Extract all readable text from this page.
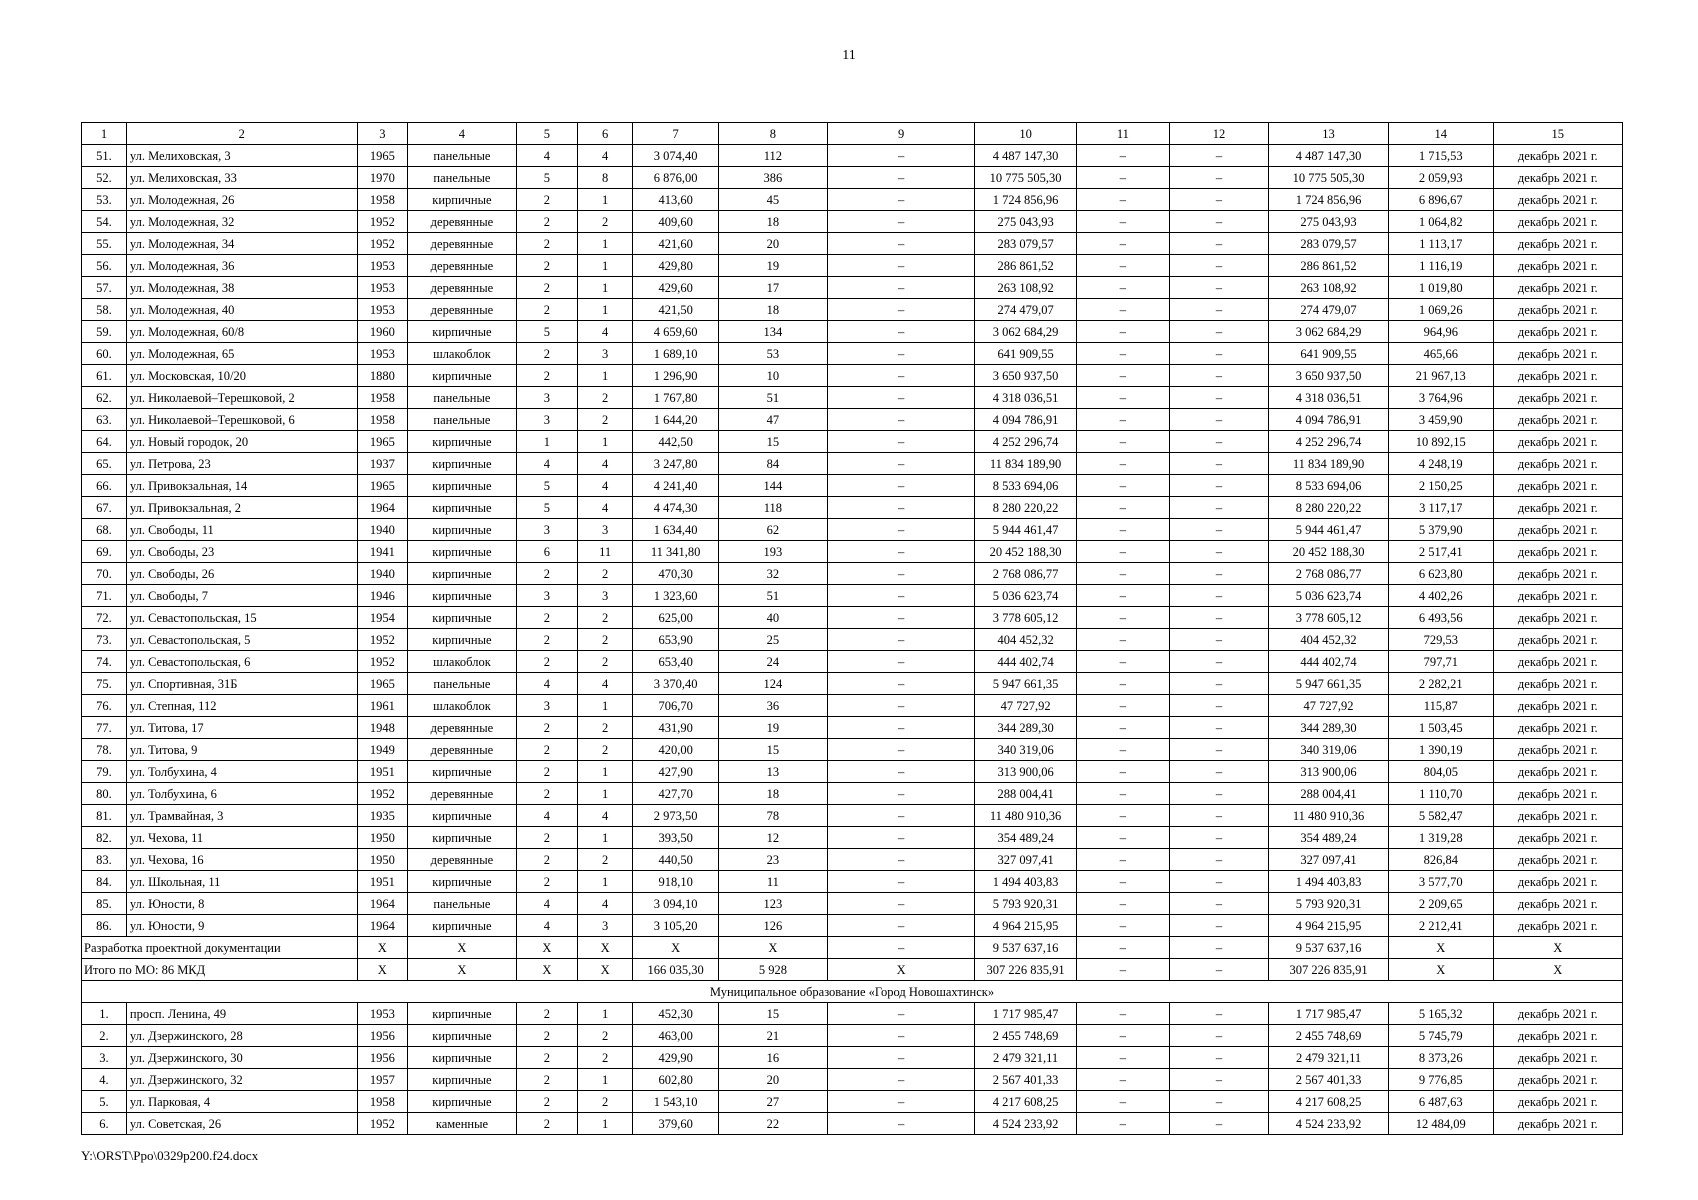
11
1	2	3	4	5	6	7	8	9	10	11	12	13	14	15
51.	ул. Мелиховская, 3	1965	панельные	4	4	3 074,40	112	–	4 487 147,30	–	–	4 487 147,30	1 715,53	декабрь 2021 г.
52.	ул. Мелиховская, 33	1970	панельные	5	8	6 876,00	386	–	10 775 505,30	–	–	10 775 505,30	2 059,93	декабрь 2021 г.
53.	ул. Молодежная, 26	1958	кирпичные	2	1	413,60	45	–	1 724 856,96	–	–	1 724 856,96	6 896,67	декабрь 2021 г.
54.	ул. Молодежная, 32	1952	деревянные	2	2	409,60	18	–	275 043,93	–	–	275 043,93	1 064,82	декабрь 2021 г.
55.	ул. Молодежная, 34	1952	деревянные	2	1	421,60	20	–	283 079,57	–	–	283 079,57	1 113,17	декабрь 2021 г.
56.	ул. Молодежная, 36	1953	деревянные	2	1	429,80	19	–	286 861,52	–	–	286 861,52	1 116,19	декабрь 2021 г.
57.	ул. Молодежная, 38	1953	деревянные	2	1	429,60	17	–	263 108,92	–	–	263 108,92	1 019,80	декабрь 2021 г.
58.	ул. Молодежная, 40	1953	деревянные	2	1	421,50	18	–	274 479,07	–	–	274 479,07	1 069,26	декабрь 2021 г.
59.	ул. Молодежная, 60/8	1960	кирпичные	5	4	4 659,60	134	–	3 062 684,29	–	–	3 062 684,29	964,96	декабрь 2021 г.
60.	ул. Молодежная, 65	1953	шлакоблок	2	3	1 689,10	53	–	641 909,55	–	–	641 909,55	465,66	декабрь 2021 г.
61.	ул. Московская, 10/20	1880	кирпичные	2	1	1 296,90	10	–	3 650 937,50	–	–	3 650 937,50	21 967,13	декабрь 2021 г.
62.	ул. Николаевой–Терешковой, 2	1958	панельные	3	2	1 767,80	51	–	4 318 036,51	–	–	4 318 036,51	3 764,96	декабрь 2021 г.
63.	ул. Николаевой–Терешковой, 6	1958	панельные	3	2	1 644,20	47	–	4 094 786,91	–	–	4 094 786,91	3 459,90	декабрь 2021 г.
64.	ул. Новый городок, 20	1965	кирпичные	1	1	442,50	15	–	4 252 296,74	–	–	4 252 296,74	10 892,15	декабрь 2021 г.
65.	ул. Петрова, 23	1937	кирпичные	4	4	3 247,80	84	–	11 834 189,90	–	–	11 834 189,90	4 248,19	декабрь 2021 г.
66.	ул. Привокзальная, 14	1965	кирпичные	5	4	4 241,40	144	–	8 533 694,06	–	–	8 533 694,06	2 150,25	декабрь 2021 г.
67.	ул. Привокзальная, 2	1964	кирпичные	5	4	4 474,30	118	–	8 280 220,22	–	–	8 280 220,22	3 117,17	декабрь 2021 г.
68.	ул. Свободы, 11	1940	кирпичные	3	3	1 634,40	62	–	5 944 461,47	–	–	5 944 461,47	5 379,90	декабрь 2021 г.
69.	ул. Свободы, 23	1941	кирпичные	6	11	11 341,80	193	–	20 452 188,30	–	–	20 452 188,30	2 517,41	декабрь 2021 г.
70.	ул. Свободы, 26	1940	кирпичные	2	2	470,30	32	–	2 768 086,77	–	–	2 768 086,77	6 623,80	декабрь 2021 г.
71.	ул. Свободы, 7	1946	кирпичные	3	3	1 323,60	51	–	5 036 623,74	–	–	5 036 623,74	4 402,26	декабрь 2021 г.
72.	ул. Севастопольская, 15	1954	кирпичные	2	2	625,00	40	–	3 778 605,12	–	–	3 778 605,12	6 493,56	декабрь 2021 г.
73.	ул. Севастопольская, 5	1952	кирпичные	2	2	653,90	25	–	404 452,32	–	–	404 452,32	729,53	декабрь 2021 г.
74.	ул. Севастопольская, 6	1952	шлакоблок	2	2	653,40	24	–	444 402,74	–	–	444 402,74	797,71	декабрь 2021 г.
75.	ул. Спортивная, 31Б	1965	панельные	4	4	3 370,40	124	–	5 947 661,35	–	–	5 947 661,35	2 282,21	декабрь 2021 г.
76.	ул. Степная, 112	1961	шлакоблок	3	1	706,70	36	–	47 727,92	–	–	47 727,92	115,87	декабрь 2021 г.
77.	ул. Титова, 17	1948	деревянные	2	2	431,90	19	–	344 289,30	–	–	344 289,30	1 503,45	декабрь 2021 г.
78.	ул. Титова, 9	1949	деревянные	2	2	420,00	15	–	340 319,06	–	–	340 319,06	1 390,19	декабрь 2021 г.
79.	ул. Толбухина, 4	1951	кирпичные	2	1	427,90	13	–	313 900,06	–	–	313 900,06	804,05	декабрь 2021 г.
80.	ул. Толбухина, 6	1952	деревянные	2	1	427,70	18	–	288 004,41	–	–	288 004,41	1 110,70	декабрь 2021 г.
81.	ул. Трамвайная, 3	1935	кирпичные	4	4	2 973,50	78	–	11 480 910,36	–	–	11 480 910,36	5 582,47	декабрь 2021 г.
82.	ул. Чехова, 11	1950	кирпичные	2	1	393,50	12	–	354 489,24	–	–	354 489,24	1 319,28	декабрь 2021 г.
83.	ул. Чехова, 16	1950	деревянные	2	2	440,50	23	–	327 097,41	–	–	327 097,41	826,84	декабрь 2021 г.
84.	ул. Школьная, 11	1951	кирпичные	2	1	918,10	11	–	1 494 403,83	–	–	1 494 403,83	3 577,70	декабрь 2021 г.
85.	ул. Юности, 8	1964	панельные	4	4	3 094,10	123	–	5 793 920,31	–	–	5 793 920,31	2 209,65	декабрь 2021 г.
86.	ул. Юности, 9	1964	кирпичные	4	3	3 105,20	126	–	4 964 215,95	–	–	4 964 215,95	2 212,41	декабрь 2021 г.
Разработка проектной документации		X	X	X	X	X	X	–	9 537 637,16	–	–	9 537 637,16	X	X
Итого по МО: 86 МКД		X	X	X	X	166 035,30	5 928	X	307 226 835,91	–	–	307 226 835,91	X	X
Муниципальное образование «Город Новошахтинск»														
1.	просп. Ленина, 49	1953	кирпичные	2	1	452,30	15	–	1 717 985,47	–	–	1 717 985,47	5 165,32	декабрь 2021 г.
2.	ул. Дзержинского, 28	1956	кирпичные	2	2	463,00	21	–	2 455 748,69	–	–	2 455 748,69	5 745,79	декабрь 2021 г.
3.	ул. Дзержинского, 30	1956	кирпичные	2	2	429,90	16	–	2 479 321,11	–	–	2 479 321,11	8 373,26	декабрь 2021 г.
4.	ул. Дзержинского, 32	1957	кирпичные	2	1	602,80	20	–	2 567 401,33	–	–	2 567 401,33	9 776,85	декабрь 2021 г.
5.	ул. Парковая, 4	1958	кирпичные	2	2	1 543,10	27	–	4 217 608,25	–	–	4 217 608,25	6 487,63	декабрь 2021 г.
6.	ул. Советская, 26	1952	каменные	2	1	379,60	22	–	4 524 233,92	–	–	4 524 233,92	12 484,09	декабрь 2021 г.
Y:\ORST\Ppo\0329p200.f24.docx
